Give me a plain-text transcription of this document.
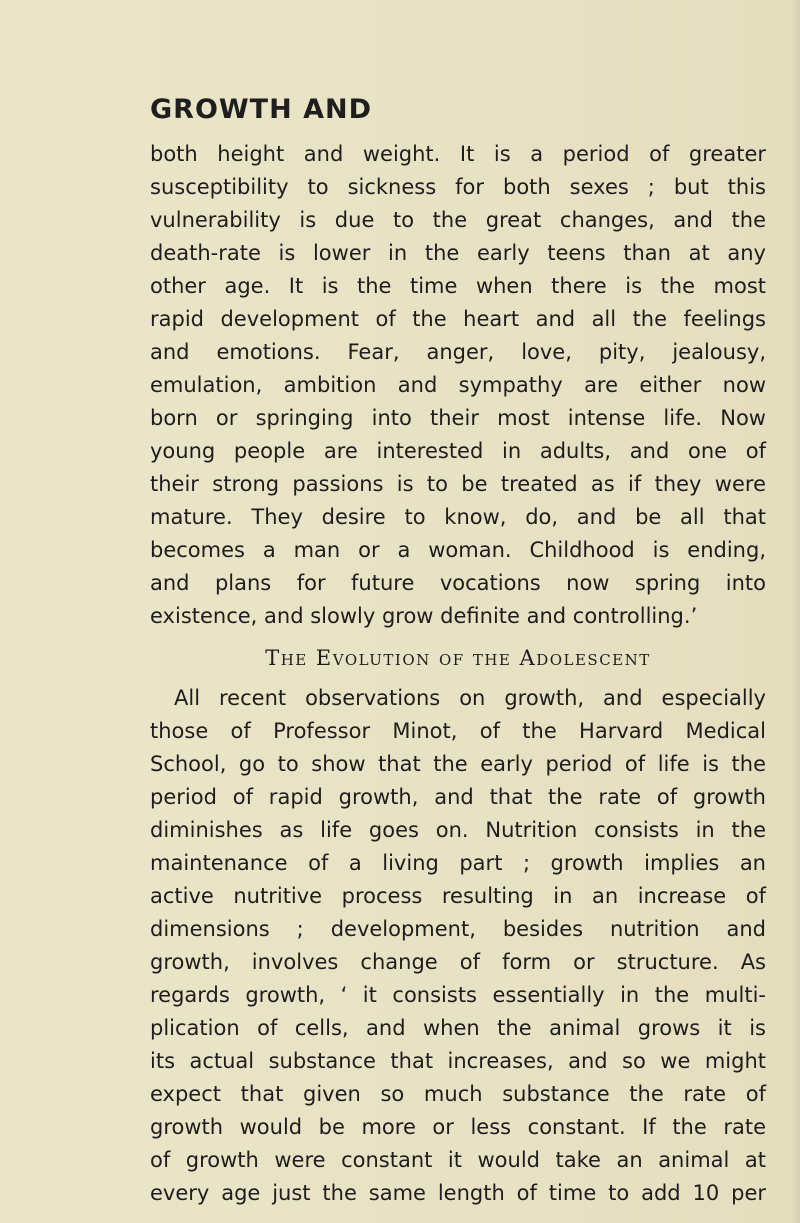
GROWTH AND
both height and weight. It is a period of greater
susceptibility to sickness for both sexes ; but this
vulnerability is due to the great changes, and the
death-rate is lower in the early teens than at any
other age. It is the time when there is the most
rapid development of the heart and all the feelings
and emotions. Fear, anger, love, pity, jealousy,
emulation, ambition and sympathy are either now
born or springing into their most intense life. Now
young people are interested in adults, and one of
their strong passions is to be treated as if they were
mature. They desire to know, do, and be all that
becomes a man or a woman. Childhood is ending,
and plans for future vocations now spring into
existence, and slowly grow definite and controlling.’
The Evolution of the Adolescent
All recent observations on growth, and especially
those of Professor Minot, of the Harvard Medical
School, go to show that the early period of life is the
period of rapid growth, and that the rate of growth
diminishes as life goes on. Nutrition consists in the
maintenance of a living part ; growth implies an
active nutritive process resulting in an increase of
dimensions ; development, besides nutrition and
growth, involves change of form or structure. As
regards growth, ‘ it consists essentially in the multi-
plication of cells, and when the animal grows it is
its actual substance that increases, and so we might
expect that given so much substance the rate of
growth would be more or less constant. If the rate
of growth were constant it would take an animal at
every age just the same length of time to add 10 per
